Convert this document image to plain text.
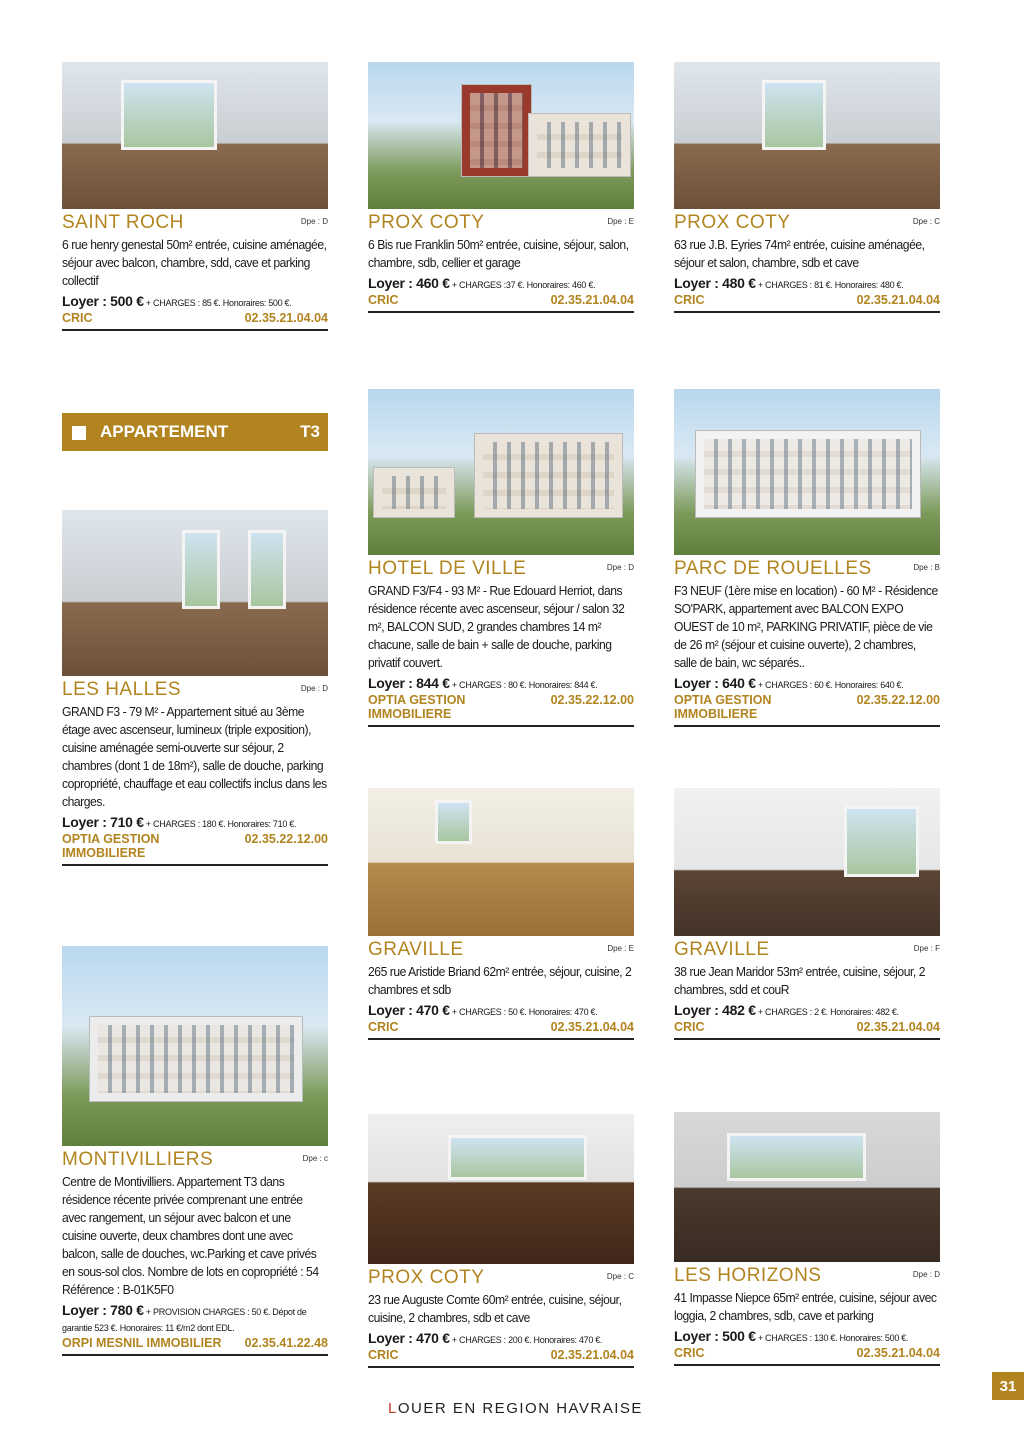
SAINT ROCH	Dpe : D
6 rue henry genestal 50m² entrée, cuisine aménagée, séjour avec balcon, chambre, sdd, cave et parking collectif
Loyer : 500 € + CHARGES : 85 €. Honoraires: 500 €.
CRIC	02.35.21.04.04
PROX COTY	Dpe : E
6 Bis rue Franklin 50m² entrée, cuisine, séjour, salon, chambre, sdb, cellier et garage
Loyer : 460 € + CHARGES :37 €. Honoraires: 460 €.
CRIC	02.35.21.04.04
PROX COTY	Dpe : C
63 rue J.B. Eyries 74m² entrée, cuisine aménagée, séjour et salon, chambre, sdb et cave
Loyer : 480 € + CHARGES : 81 €. Honoraires: 480 €.
CRIC	02.35.21.04.04
APPARTEMENT	T3
LES HALLES	Dpe : D
GRAND F3 - 79 M² - Appartement situé au 3ème étage avec ascenseur, lumineux (triple exposition), cuisine aménagée semi-ouverte sur séjour, 2 chambres (dont 1 de 18m²), salle de douche, parking copropriété, chauffage et eau collectifs inclus dans les charges.
Loyer : 710 € + CHARGES : 180 €. Honoraires: 710 €.
OPTIA GESTION IMMOBILIERE
02.35.22.12.00
HOTEL DE VILLE	Dpe : D
GRAND F3/F4 - 93 M² - Rue Edouard Herriot, dans résidence récente avec ascenseur, séjour / salon 32 m², BALCON SUD, 2 grandes chambres 14 m² chacune, salle de bain + salle de douche, parking privatif couvert.
Loyer : 844 € + CHARGES : 80 €. Honoraires: 844 €.
OPTIA GESTION IMMOBILIERE
02.35.22.12.00
PARC DE ROUELLES	Dpe : B
F3 NEUF (1ère mise en location) - 60 M² - Résidence SO'PARK, appartement avec BALCON EXPO OUEST de 10 m², PARKING PRIVATIF, pièce de vie de 26 m² (séjour et cuisine ouverte), 2 chambres, salle de bain, wc séparés..
Loyer : 640 € + CHARGES : 60 €. Honoraires: 640 €.
OPTIA GESTION IMMOBILIERE
02.35.22.12.00
GRAVILLE	Dpe : E
265 rue Aristide Briand 62m² entrée, séjour, cuisine, 2 chambres et sdb
Loyer : 470 € + CHARGES : 50 €. Honoraires: 470 €.
CRIC	02.35.21.04.04
GRAVILLE	Dpe : F
38 rue Jean Maridor 53m² entrée, cuisine, séjour, 2 chambres, sdd et couR
Loyer : 482 € + CHARGES : 2 €. Honoraires: 482 €.
CRIC	02.35.21.04.04
MONTIVILLIERS	Dpe : c
Centre de Montivilliers. Appartement T3 dans résidence récente privée comprenant une entrée avec rangement, un séjour avec balcon et une cuisine ouverte, deux chambres dont une avec balcon, salle de douches, wc.Parking et cave privés en sous-sol clos. Nombre de lots en copropriété : 54 Référence : B-01K5F0
Loyer : 780 € + PROVISION CHARGES : 50 €. Dépot de garantie 523 €. Honoraires: 11 €/m2 dont EDL.
ORPI MESNIL IMMOBILIER 02.35.41.22.48
PROX COTY	Dpe : C
23 rue Auguste Comte 60m² entrée, cuisine, séjour, cuisine, 2 chambres, sdb et cave
Loyer : 470 € + CHARGES : 200 €. Honoraires: 470 €.
CRIC	02.35.21.04.04
LES HORIZONS	Dpe : D
41 Impasse Niepce 65m² entrée, cuisine, séjour avec loggia, 2 chambres, sdb, cave et parking
Loyer : 500 € + CHARGES : 130 €. Honoraires: 500 €.
CRIC	02.35.21.04.04
LOUER EN REGION HAVRAISE
31
